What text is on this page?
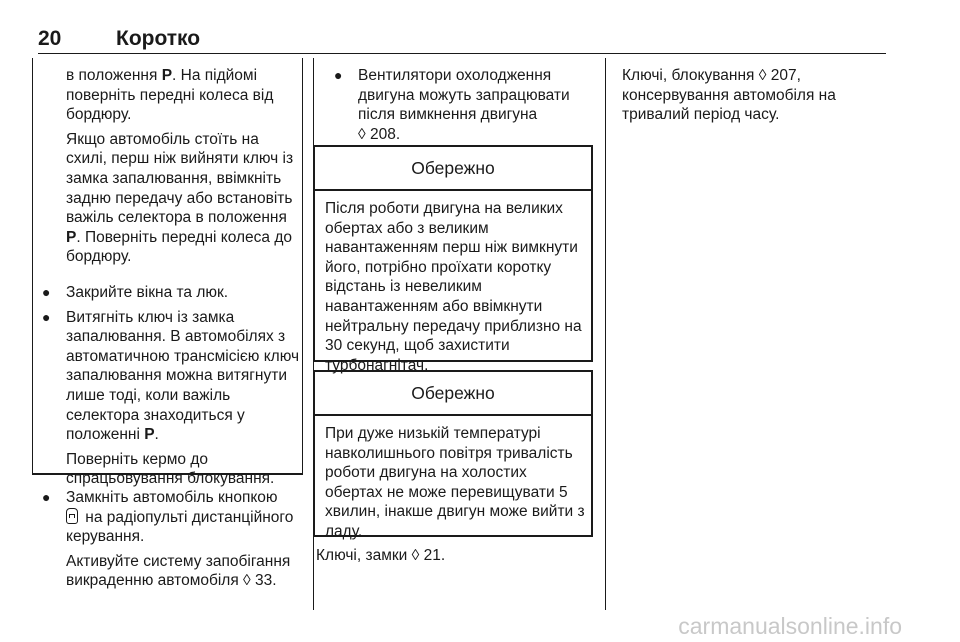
20	Коротко

в положення P. На підйомі поверніть передні колеса від бордюру.

Якщо автомобіль стоїть на схилі, перш ніж вийняти ключ із замка запалювання, ввімкніть задню передачу або встановіть важіль селектора в положення P. Поверніть передні колеса до бордюру.

● Закрийте вікна та люк.
● Витягніть ключ із замка запалювання. В автомобілях з автоматичною трансмісією ключ запалювання можна витягнути лише тоді, коли важіль селектора знаходиться у положенні P.

Поверніть кермо до спрацьовування блокування.

● Замкніть автомобіль кнопкою
на радіопульті дистанційного керування.

Активуйте систему запобігання викраденню автомобіля ◊ 33.

●	Вентилятори охолодження двигуна можуть запрацювати після вимкнення двигуна
◊ 208.
Обережно
Після роботи двигуна на великих обертах або з великим навантаженням перш ніж вимкнути його, потрібно проїхати коротку відстань із невеликим навантаженням або ввімкнути нейтральну передачу приблизно на 30 секунд, щоб захистити турбонагнітач.
Обережно
При дуже низькій температурі навколишнього повітря тривалість роботи двигуна на холостих обертах не може перевищувати 5 хвилин, інакше двигун може вийти з ладу.
Ключі, замки ◊ 21.
Ключі, блокування ◊ 207, консервування автомобіля на тривалий період часу.
carmanualsonline.info
